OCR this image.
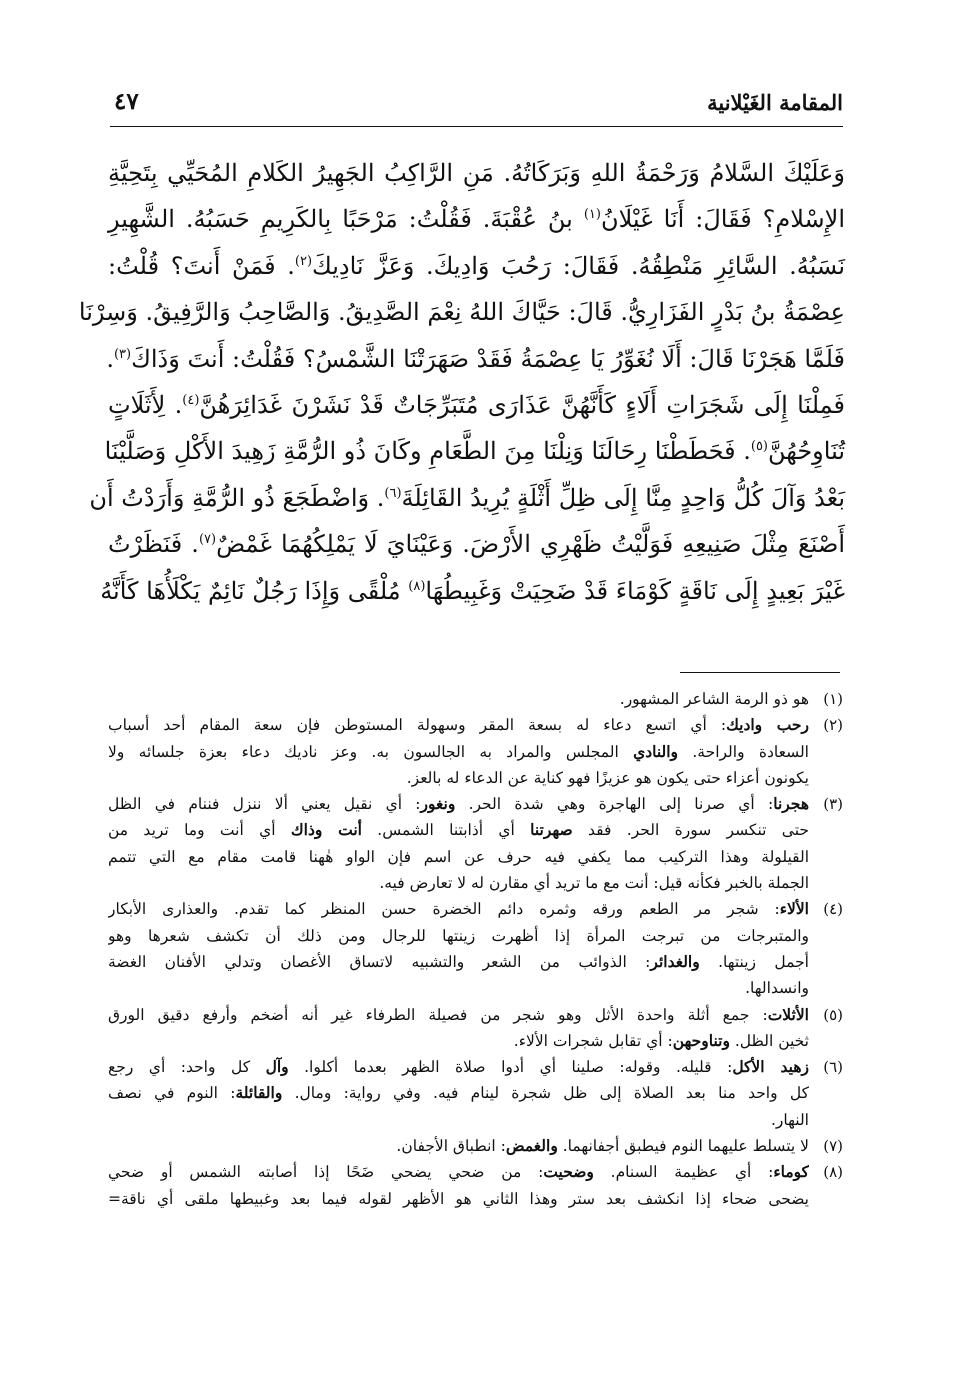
المقامة الغَيْلانية
٤٧
وَعَلَيْكَ السَّلامُ وَرَحْمَةُ اللهِ وَبَرَكَاتُهُ. مَنِ الرَّاكِبُ الجَهِيرُ الكَلامِ المُحَيِّي بِتَحِيَّةِ
الإِسْلامِ؟ فَقَالَ: أَنَا غَيْلَانُ$^{(١)}$ بنُ عُقْبَةَ. فَقُلْتُ: مَرْحَبًا بِالكَرِيمِ حَسَبُهُ. الشَّهِيرِ
نَسَبُهُ. السَّائِرِ مَنْطِقُهُ. فَقَالَ: رَحُبَ وَادِيكَ. وَعَزَّ نَادِيكَ$^{(٢)}$. فَمَنْ أَنتَ؟ قُلْتُ:
عِصْمَةُ بنُ بَدْرٍ الفَزَارِيُّ. قَالَ: حَيَّاكَ اللهُ نِعْمَ الصَّدِيقُ. وَالصَّاحِبُ وَالرَّفِيقُ. وَسِرْنَا
فَلَمَّا هَجَرْنَا قَالَ: أَلَا نُغَوِّرُ يَا عِصْمَةُ فَقَدْ صَهَرَتْنَا الشَّمْسُ؟ فَقُلْتُ: أَنتَ وَذَاكَ$^{(٣)}$.
فَمِلْنَا إِلَى شَجَرَاتِ أَلَاءٍ كَأَنَّهُنَّ عَذَارَى مُتَبَرِّجَاتٌ قَدْ نَشَرْنَ غَدَائِرَهُنَّ$^{(٤)}$. لِأَثَلَاتٍ
تُنَاوِحُهُنَّ$^{(٥)}$. فَحَطَطْنَا رِحَالَنَا وَنِلْنَا مِنَ الطَّعَامِ وكَانَ ذُو الرُّمَّةِ زَهِيدَ الأَكْلِ وَصَلَّيْنَا
بَعْدُ وَآلَ كُلُّ وَاحِدٍ مِنَّا إِلَى ظِلِّ أَثْلَةٍ يُرِيدُ القَائِلَةَ$^{(٦)}$. وَاضْطَجَعَ ذُو الرُّمَّةِ وَأَرَدْتُ أَن
أَصْنَعَ مِثْلَ صَنِيعِهِ فَوَلَّيْتُ ظَهْرِي الأَرْضَ. وَعَيْنَايَ لَا يَمْلِكُهُمَا غَمْضٌ$^{(٧)}$. فَنَظَرْتُ
غَيْرَ بَعِيدٍ إِلَى نَاقَةٍ كَوْمَاءَ قَدْ ضَحِيَتْ وَغَبِيطُهَا$^{(٨)}$ مُلْقًى وَإِذَا رَجُلٌ نَائِمٌ يَكْلَأُهَا كَأَنَّهُ
(١)
هو ذو الرمة الشاعر المشهور.
(٢)
رحب واديك: أي اتسع دعاء له بسعة المقر وسهولة المستوطن فإن سعة المقام أحد أسباب
السعادة والراحة. والنادي المجلس والمراد به الجالسون به. وعز ناديك دعاء بعزة جلسائه ولا
يكونون أعزاء حتى يكون هو عزيزًا فهو كناية عن الدعاء له بالعز.
(٣)
هجرنا: أي صرنا إلى الهاجرة وهي شدة الحر. ونغور: أي نقيل يعني ألا ننزل فننام في الظل
حتى تنكسر سورة الحر. فقد صهرتنا أي أذابتنا الشمس. أنت وذاك أي أنت وما تريد من
القيلولة وهذا التركيب مما يكفي فيه حرف عن اسم فإن الواو هٰهنا قامت مقام مع التي تتمم
الجملة بالخبر فكأنه قيل: أنت مع ما تريد أي مقارن له لا تعارض فيه.
(٤)
الألاء: شجر مر الطعم ورقه وثمره دائم الخضرة حسن المنظر كما تقدم. والعذارى الأبكار
والمتبرجات من تبرجت المرأة إذا أظهرت زينتها للرجال ومن ذلك أن تكشف شعرها وهو
أجمل زينتها. والغدائر: الذوائب من الشعر والتشبيه لاتساق الأغصان وتدلي الأفنان الغضة
وانسدالها.
(٥)
الأثلات: جمع أثلة واحدة الأثل وهو شجر من فصيلة الطرفاء غير أنه أضخم وأرفع دقيق الورق
ثخين الظل. وتناوحهن: أي تقابل شجرات الألاء.
(٦)
زهيد الأكل: قليله. وقوله: صلينا أي أدوا صلاة الظهر بعدما أكلوا. وآل كل واحد: أي رجع
كل واحد منا بعد الصلاة إلى ظل شجرة لينام فيه. وفي رواية: ومال. والقائلة: النوم في نصف
النهار.
(٧)
لا يتسلط عليهما النوم فيطبق أجفانهما. والغمض: انطباق الأجفان.
(٨)
كوماء: أي عظيمة السنام. وضحيت: من ضحي يضحي ضَحًا إذا أصابته الشمس أو ضحي
يضحى ضحاء إذا انكشف بعد ستر وهذا الثاني هو الأظهر لقوله فيما بعد وغبيطها ملقى أي ناقة=
